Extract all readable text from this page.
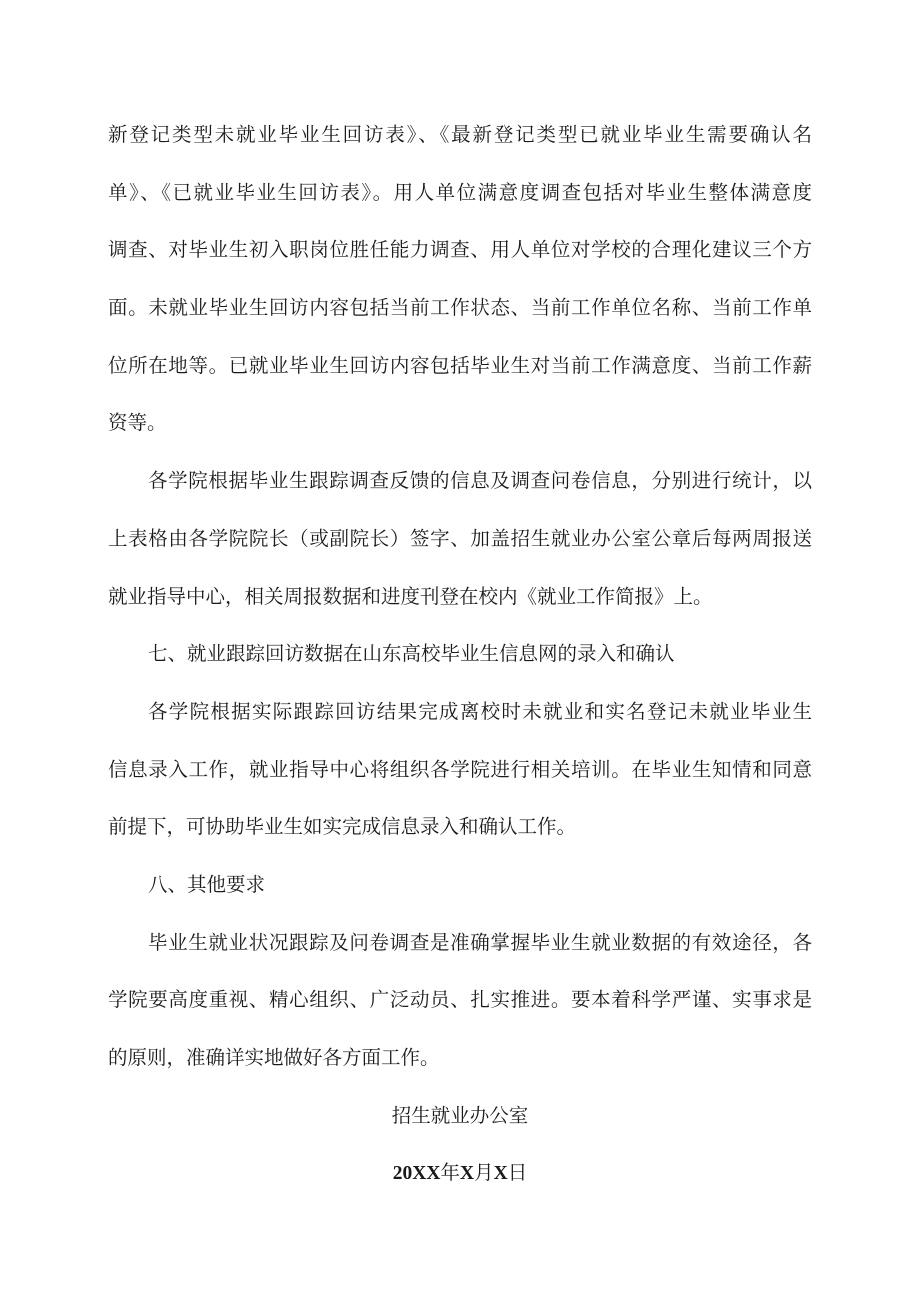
新登记类型未就业毕业生回访表》、《最新登记类型已就业毕业生需要确认名
单》、《已就业毕业生回访表》。用人单位满意度调查包括对毕业生整体满意度
调查、对毕业生初入职岗位胜任能力调查、用人单位对学校的合理化建议三个方
面。未就业毕业生回访内容包括当前工作状态、当前工作单位名称、当前工作单
位所在地等。已就业毕业生回访内容包括毕业生对当前工作满意度、当前工作薪
资等。
各学院根据毕业生跟踪调查反馈的信息及调查问卷信息，分别进行统计，以
上表格由各学院院长（或副院长）签字、加盖招生就业办公室公章后每两周报送
就业指导中心，相关周报数据和进度刊登在校内《就业工作简报》上。
七、就业跟踪回访数据在山东高校毕业生信息网的录入和确认
各学院根据实际跟踪回访结果完成离校时未就业和实名登记未就业毕业生
信息录入工作，就业指导中心将组织各学院进行相关培训。在毕业生知情和同意
前提下，可协助毕业生如实完成信息录入和确认工作。
八、其他要求
毕业生就业状况跟踪及问卷调查是准确掌握毕业生就业数据的有效途径，各
学院要高度重视、精心组织、广泛动员、扎实推进。要本着科学严谨、实事求是
的原则，准确详实地做好各方面工作。
招生就业办公室
20XX年X月X日
